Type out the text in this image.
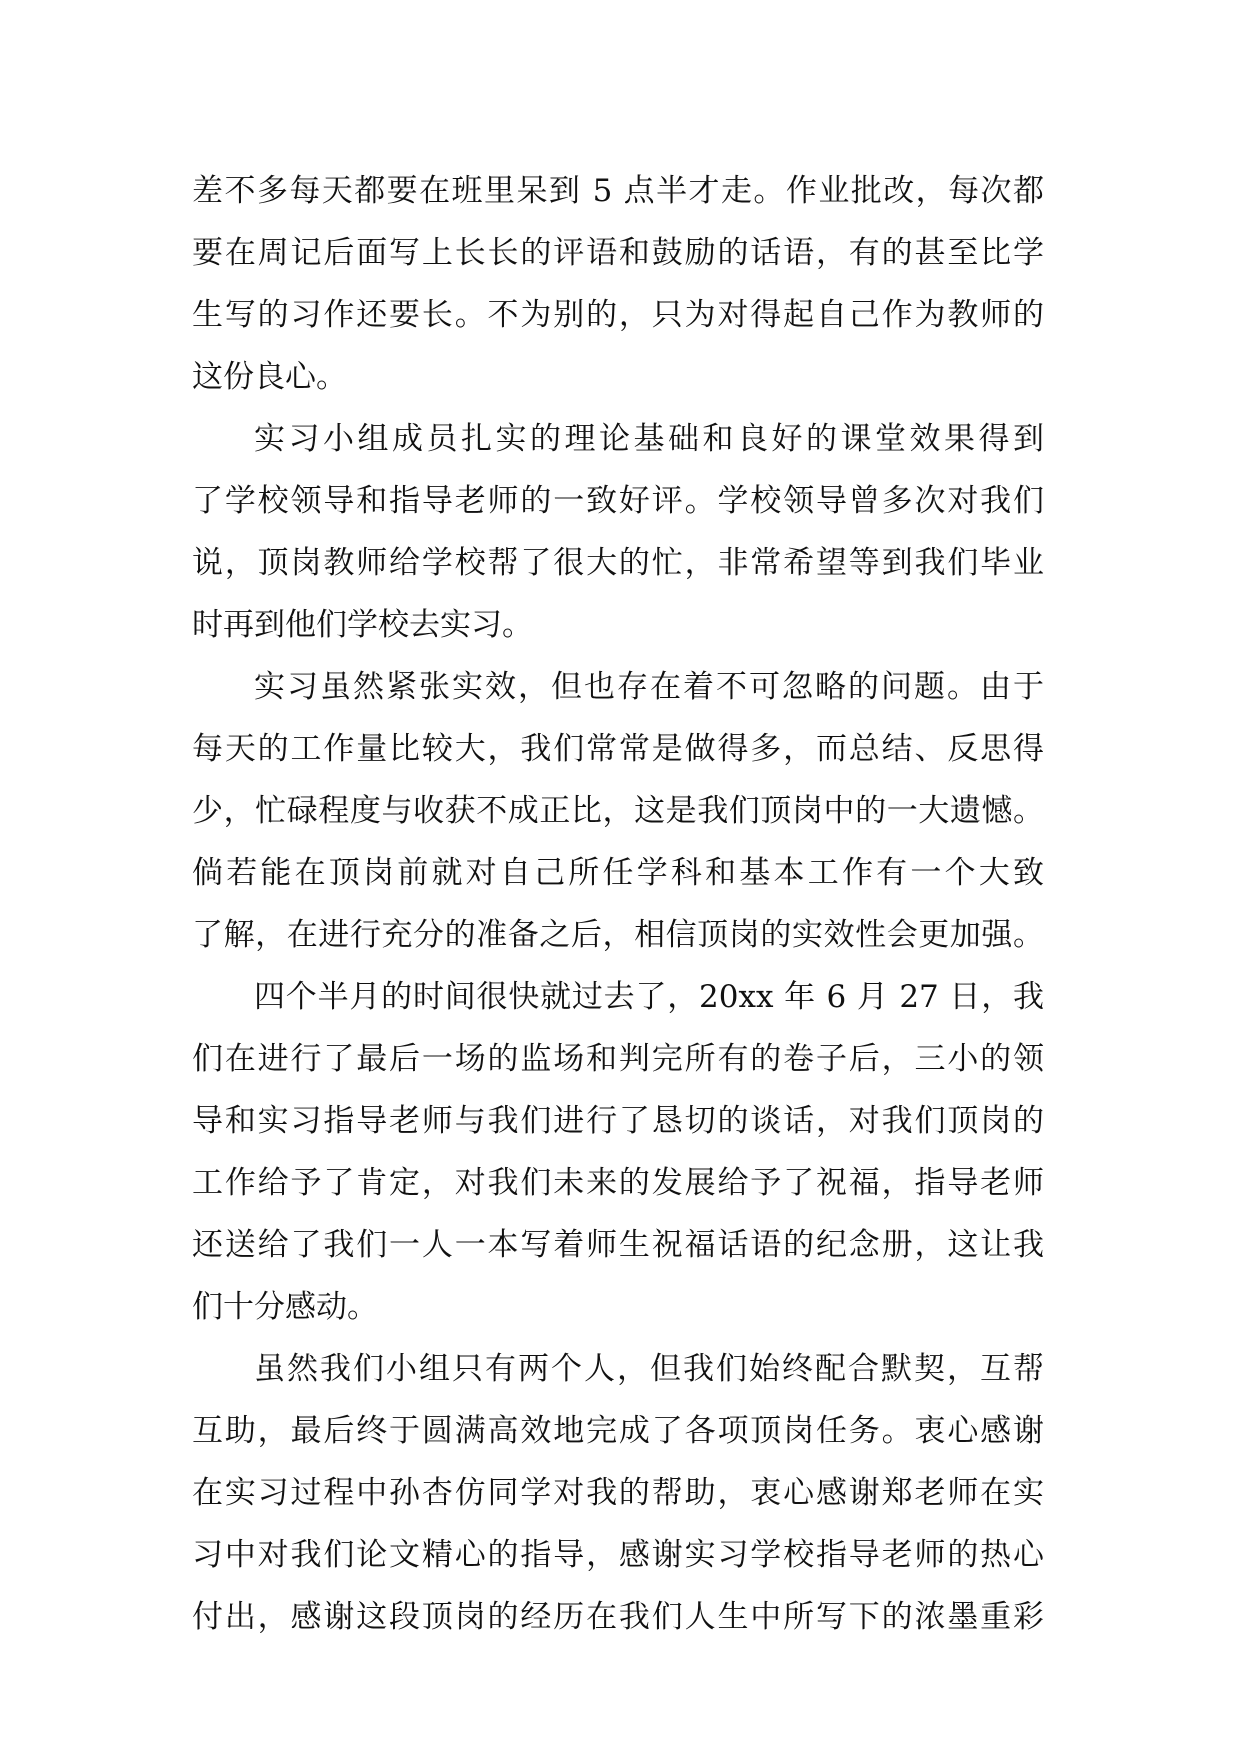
差不多每天都要在班里呆到 5 点半才走。作业批改，每次都
要在周记后面写上长长的评语和鼓励的话语，有的甚至比学
生写的习作还要长。不为别的，只为对得起自己作为教师的
这份良心。
实习小组成员扎实的理论基础和良好的课堂效果得到
了学校领导和指导老师的一致好评。学校领导曾多次对我们
说，顶岗教师给学校帮了很大的忙，非常希望等到我们毕业
时再到他们学校去实习。
实习虽然紧张实效，但也存在着不可忽略的问题。由于
每天的工作量比较大，我们常常是做得多，而总结、反思得
少，忙碌程度与收获不成正比，这是我们顶岗中的一大遗憾。
倘若能在顶岗前就对自己所任学科和基本工作有一个大致
了解，在进行充分的准备之后，相信顶岗的实效性会更加强。
四个半月的时间很快就过去了，20xx 年 6 月 27 日，我
们在进行了最后一场的监场和判完所有的卷子后，三小的领
导和实习指导老师与我们进行了恳切的谈话，对我们顶岗的
工作给予了肯定，对我们未来的发展给予了祝福，指导老师
还送给了我们一人一本写着师生祝福话语的纪念册，这让我
们十分感动。
虽然我们小组只有两个人，但我们始终配合默契，互帮
互助，最后终于圆满高效地完成了各项顶岗任务。衷心感谢
在实习过程中孙杏仿同学对我的帮助，衷心感谢郑老师在实
习中对我们论文精心的指导，感谢实习学校指导老师的热心
付出，感谢这段顶岗的经历在我们人生中所写下的浓墨重彩
